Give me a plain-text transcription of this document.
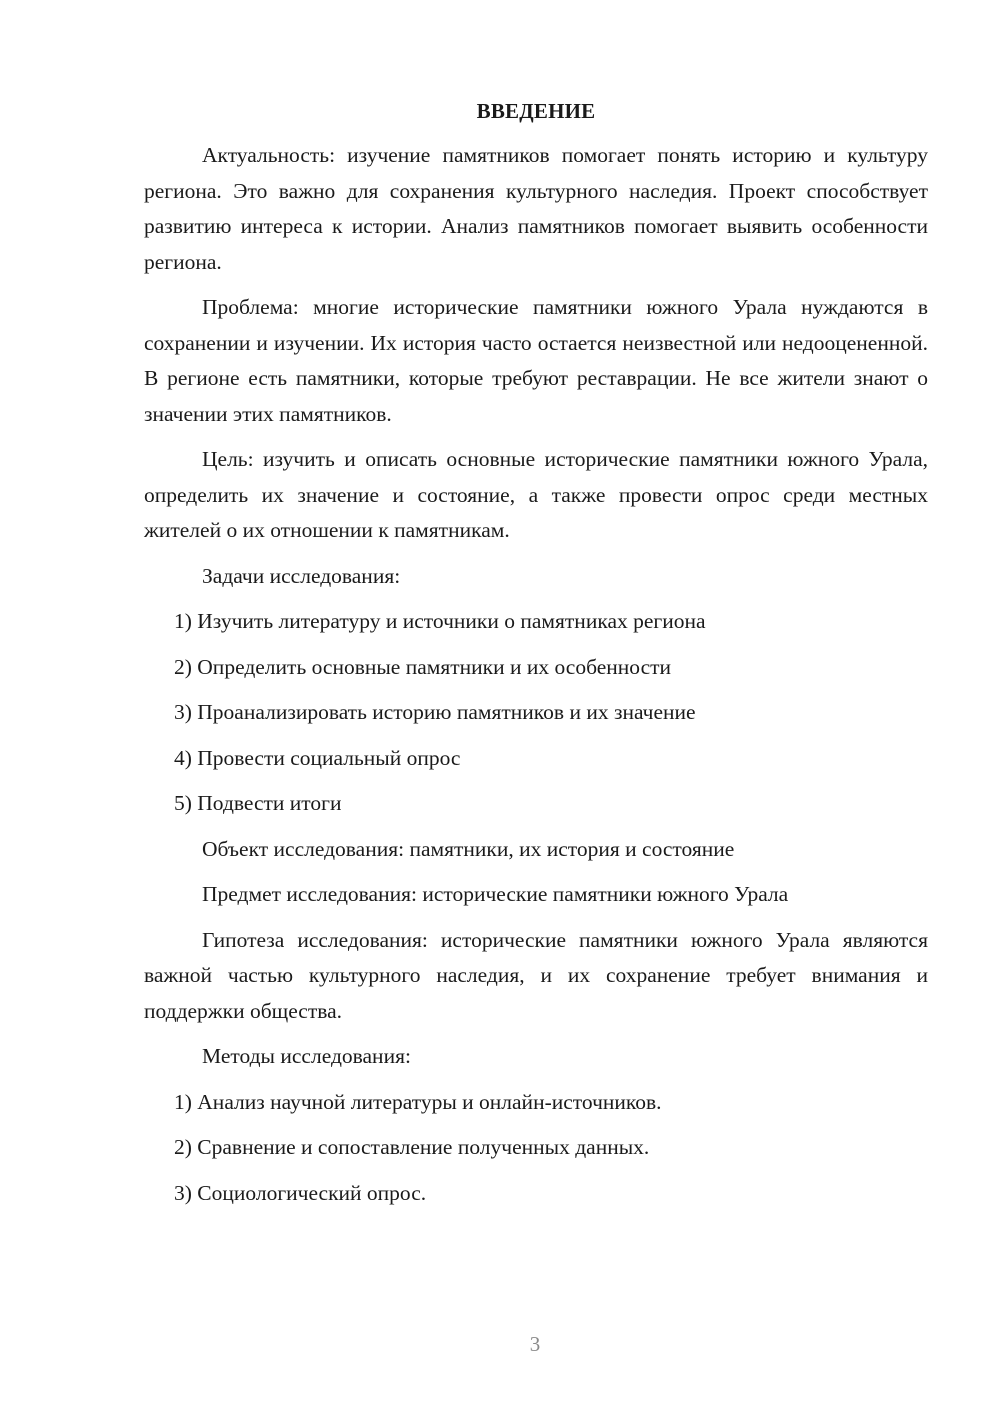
ВВЕДЕНИЕ

Актуальность: изучение памятников помогает понять историю и культуру региона. Это важно для сохранения культурного наследия. Проект способствует развитию интереса к истории. Анализ памятников помогает выявить особенности региона.

Проблема: многие исторические памятники южного Урала нуждаются в сохранении и изучении. Их история часто остается неизвестной или недооцененной. В регионе есть памятники, которые требуют реставрации. Не все жители знают о значении этих памятников.

Цель: изучить и описать основные исторические памятники южного Урала, определить их значение и состояние, а также провести опрос среди местных жителей о их отношении к памятникам.

Задачи исследования:
1) Изучить литературу и источники о памятниках региона
2) Определить основные памятники и их особенности
3) Проанализировать историю памятников и их значение
4) Провести социальный опрос
5) Подвести итоги
Объект исследования: памятники, их история и состояние
Предмет исследования: исторические памятники южного Урала

Гипотеза исследования: исторические памятники южного Урала являются важной частью культурного наследия, и их сохранение требует внимания и поддержки общества.

Методы исследования:
1) Анализ научной литературы и онлайн-источников.
2) Сравнение и сопоставление полученных данных.
3) Социологический опрос.
3
